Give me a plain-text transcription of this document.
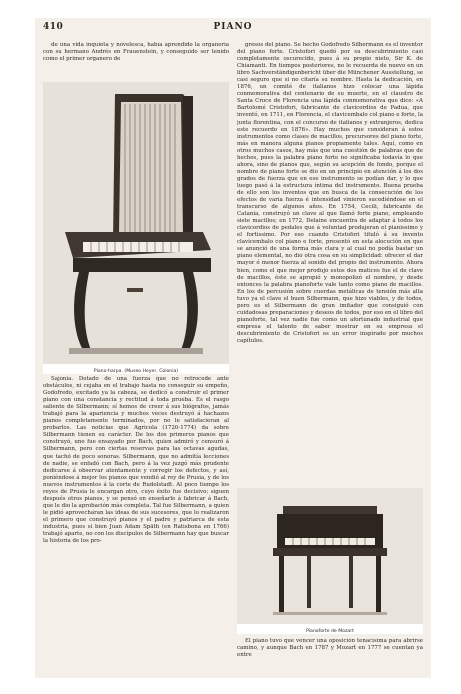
410	PIANO

de una vida inquieta y novelesca, había aprendido la organería con su hermano Andrés en Frauenstein, y conseguido ser tenido como el primer organero de

Piano-harpa. (Museo Heyer, Colonia)

Sajonia. Dotado de una fuerza que no retrocede ante obstáculos, ni cejaba en el trabajo hasta no conseguir su empeño, Godofredo, excitado ya la cabeza, se dedicó a construir el primer piano con una constancia y rectitud á toda prueba. Es el rasgo saliente de Silbermann; sí hemos de creer á sus biógrafos, jamás trabajó para la apariencia y muchos veces destruyó á hachazos pianos completamente terminados, por no le satisfacieran al probarlos. Las noticias que Agricola (1720-1774) da sobre Silbermann tienen su carácter. De los dos primeros pianos que construyó, uno fue ensayado por Bach, quien admiró y censuró á Silbermann, pero con ciertas reservas para las octavas agudas, que tachó de poco sonoras. Silbermann, que no admitía lecciones de nadie, se enfadó con Bach, pero á la vez juzgó más prudente dedicarse á observar atentamente y corregir los defectos, y así, poniéndose á mejor los pianos que vendió al rey de Prusia, y de los nuevos instrumentos á la corte de Rudolstadt. Al poco tiempo los reyes de Prusia le encargan otro, cuyo éxito fue decisivo; siguen después otros pianos, y se pensó en enseñarle á fabricar á Bach, que le dio la aprobación más completa. Tal fue Silbermann, a quien le pidió aprovecharan las ideas de sus sucesores, que lo realizaron el primero que construyó pianos y el padre y patriarca de esta industria, pues si bien Juan Adam Späth (en Ratisbona en 1766) trabajó aparte, no con los discípulos de Silbermann hay que buscar la historia de los pro-

gresos del piano. Se hecho Godofredo Silbermann es el inventor del piano forte. Cristofori quedó por su descubrimiento casi completamente oscurecido, pues á su propio nieto, Sir K. de Chiamanti. En tiempos posteriores, no le recuerda de nuevo en un libro Sachverständigenbericht über die Münchener Ausstellung, se casi seguro que si no citaría su nombre. Hasta la dedicación, en 1876, un comité de italianos hizo colocar una lápida conmemorativa del centenario de su muerte, en el claustro de Santa Croce de Florencia una lápida conmemorativa que dice: «A Bartolomé Cristofori, fabricante de clavicordios de Padua, que inventó, en 1711, en Florencia, el clavicembalo col piano e forte, la junta florentina, con el concurso de italianos y extranjeros, dedica este recuerdo en 1876». Hay muchos que consideran á estos instrumentos como clases de macillos, precursores del piano forte, más en manera alguna pianos propiamente tales. Aquí, como en otros muchos casos, hay más que una cuestión de palabras que de hechos, pues la palabra piano forte no significaba todavía lo que ahora, sino de pianos que, según su acepción de fondo, porque el nombre de piano forte se dio en un principio en atención á los dos grados de fuerza que en ese instrumento se podían dar, y lo que luego pasó á la estructura íntima del instrumento. Buena prueba de ello son los inventos que en busca de la consecución de los efectos de varia fuerza é intensidad vinieron sucediéndose en el transcurso de algunos años. En 1754, Cecili, fabricante de Catania, construyó un clave al que llamó forte piano, empleando siete macillos; en 1772, Delaine encuentra de adaptar á todos los clavicordios de pedales que á voluntad produjeran el pianissimo y el fortissimo. Por eso cuando Cristofori tituló á su invento clavicembalo col piano e forte, presentó en esta alocución en que se anunció de una forma más clara y al cual no podía bastar un piano elemental, no dio otra cosa en su simplicidad: ofrecer el dar mayor ó menor fuerza al sonido del propio del instrumento. Ahora bien, como el que mejor produjo estos dos matices fue el de clave de macillos, éste se apropió y monopolizó el nombre, y desde entonces la palabra pianoforte vale tanto como piano de macillos. En los de percusión sobre cuerdas metálicas de tensión más alta tuvo ya el clave el buen Silbermann, que hizo viables, y de todos, pero es el Silbermann de gran imitador que consiguió con cuidadosas preparaciones y deseos de todos, por eso en el libro del pianoforte, tal vez nadie fue como un afortunado industrial que empresa el talento de saber mostrar en su empresa el descubrimiento de Cristofori es un error inspirado por muchos capítulos.

Pianoforte de Mozart

El piano tuvo que vencer una oposición tenacísima para abrirse camino, y aunque Bach en 1787 y Mozart en 1777 se cuentan ya entre
